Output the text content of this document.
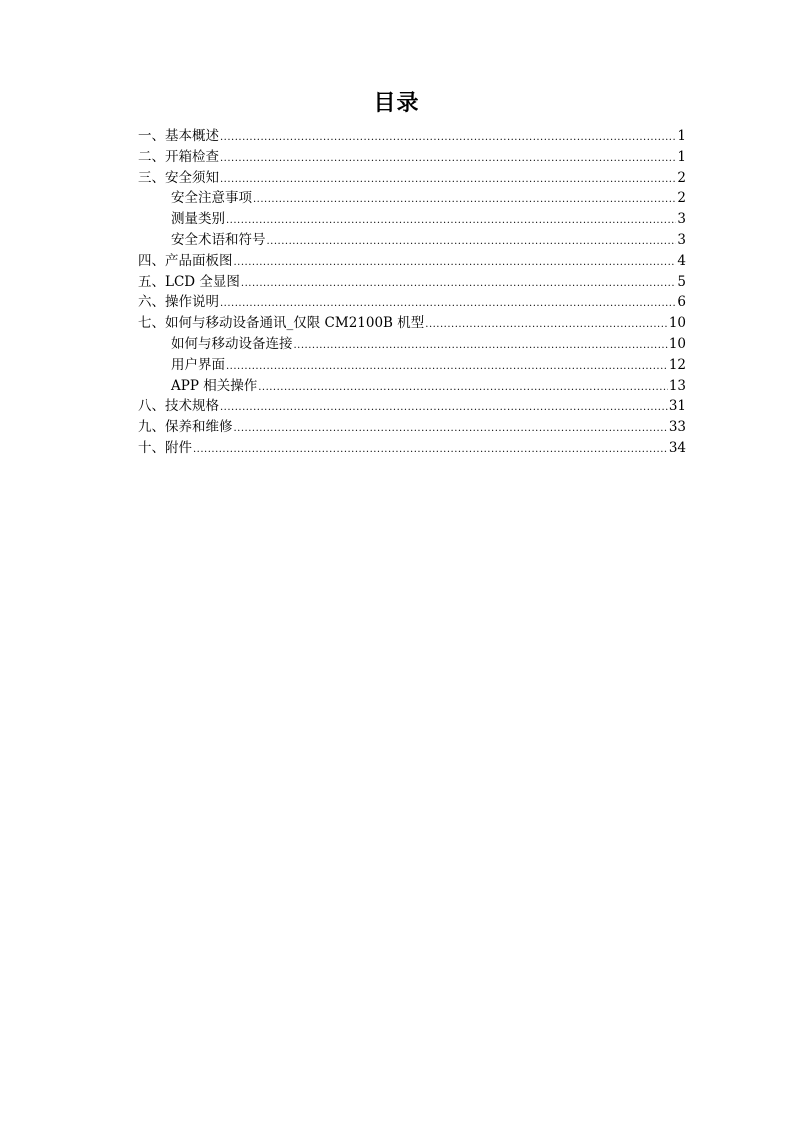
目录
一、 基本概述 .....	1
二、 开箱检查 .....	1
三、 安全须知 .....	2
安全注意事项 .....	2
测量类别 .....	3
安全术语和符号 .....	3
四、 产品面板图 .....	4
五、 LCD 全显图 .....	5
六、 操作说明 .....	6
七、 如何与移动设备通讯_仅限 CM2100B 机型 .....	10
如何与移动设备连接 .....	10
用户界面 .....	12
APP 相关操作 .....	13
八、 技术规格 .....	31
九、 保养和维修 .....	33
十、 附件 .....	34
